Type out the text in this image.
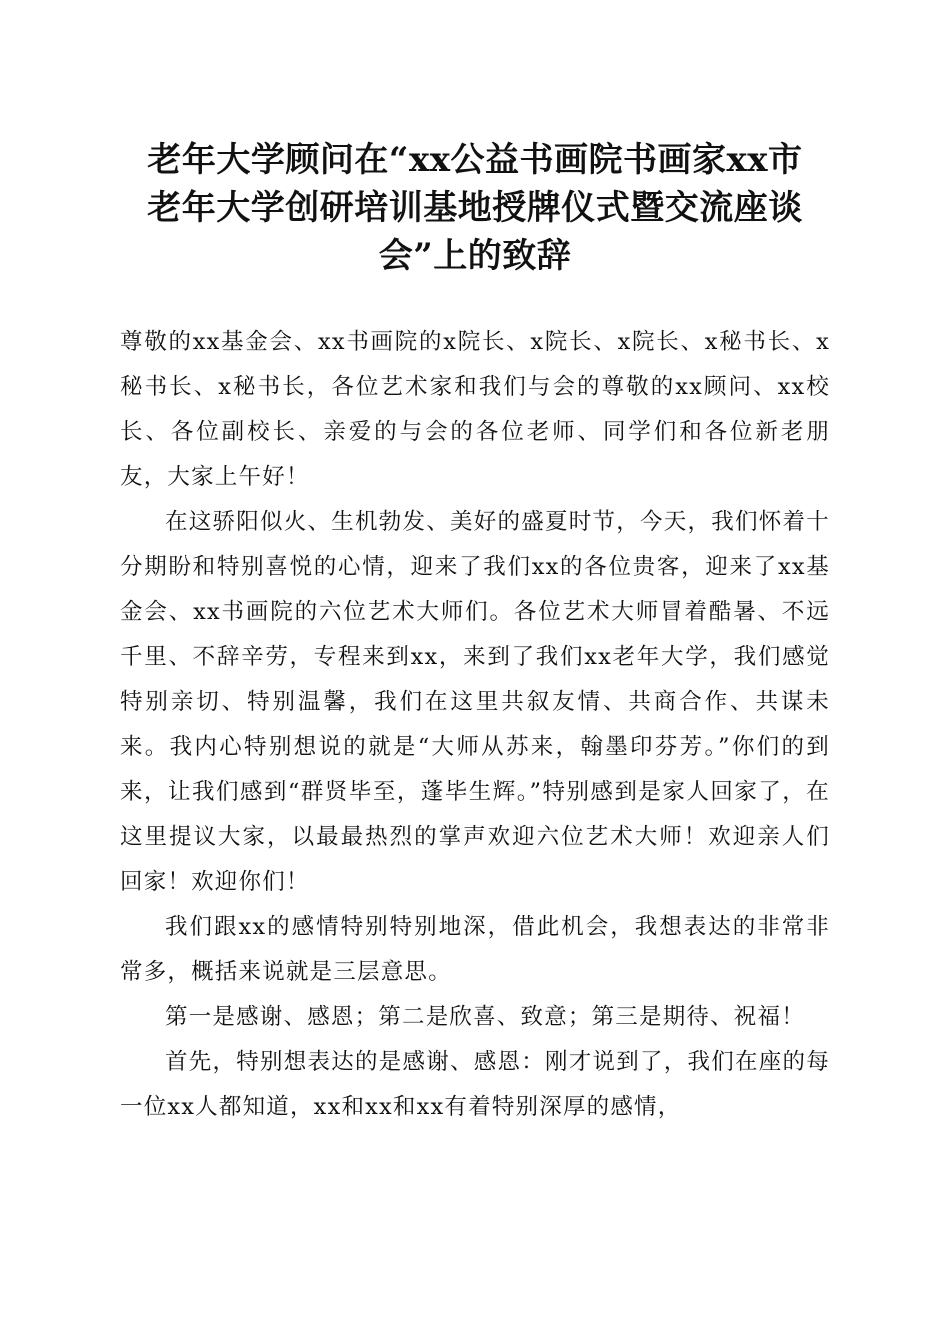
老年大学顾问在“xx公益书画院书画家xx市
老年大学创研培训基地授牌仪式暨交流座谈
会”上的致辞

尊敬的xx基金会、xx书画院的x院长、x院长、x院长、x秘书长、x秘书长、x秘书长，各位艺术家和我们与会的尊敬的xx顾问、xx校长、各位副校长、亲爱的与会的各位老师、同学们和各位新老朋友，大家上午好！

在这骄阳似火、生机勃发、美好的盛夏时节，今天，我们怀着十分期盼和特别喜悦的心情，迎来了我们xx的各位贵客，迎来了xx基金会、xx书画院的六位艺术大师们。各位艺术大师冒着酷暑、不远千里、不辞辛劳，专程来到xx，来到了我们xx老年大学，我们感觉特别亲切、特别温馨，我们在这里共叙友情、共商合作、共谋未来。我内心特别想说的就是“大师从苏来，翰墨印芬芳。”你们的到来，让我们感到“群贤毕至，蓬毕生辉。”特别感到是家人回家了，在这里提议大家，以最最热烈的掌声欢迎六位艺术大师！欢迎亲人们回家！欢迎你们！

我们跟xx的感情特别特别地深，借此机会，我想表达的非常非常多，概括来说就是三层意思。

第一是感谢、感恩；第二是欣喜、致意；第三是期待、祝福！

首先，特别想表达的是感谢、感恩：刚才说到了，我们在座的每一位xx人都知道，xx和xx和xx有着特别深厚的感情，
